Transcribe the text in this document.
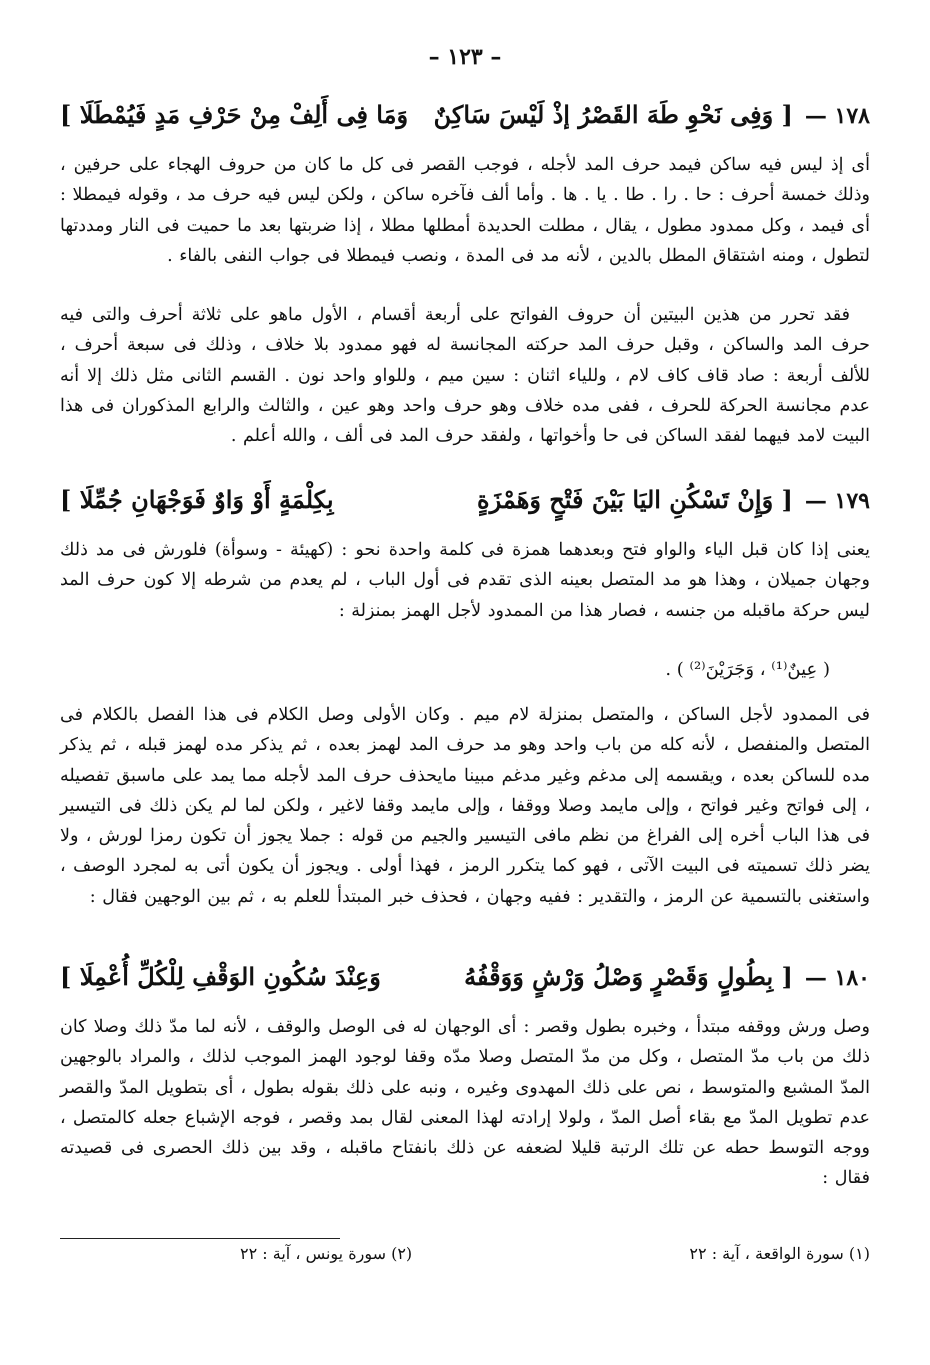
– ١٢٣ –
١٧٨ —
[ وَفِى نَحْوِ طَهَ القَصْرُ إذْ لَيْسَ سَاكِنٌ
وَمَا فِى أَلِفْ مِنْ حَرْفِ مَدٍ فَيُمْطَلَا ]
أى إذ ليس فيه ساكن فيمد حرف المد لأجله ، فوجب القصر فى كل ما كان من حروف الهجاء على حرفين ، وذلك خمسة أحرف : حا . را . طا . يا . ها . وأما ألف فآخره ساكن ، ولكن ليس فيه حرف مد ، وقوله فيمطلا : أى فيمد ، وكل ممدود مطول ، يقال ، مطلت الحديدة أمطلها مطلا ، إذا ضربتها بعد ما حميت فى النار ومددتها لتطول ، ومنه اشتقاق المطل بالدين ، لأنه مد فى المدة ، ونصب فيمطلا فى جواب النفى بالفاء .
فقد تحرر من هذين البيتين أن حروف الفواتح على أربعة أقسام ، الأول ماهو على ثلاثة أحرف والتى فيه حرف المد والساكن ، وقبل حرف المد حركته المجانسة له فهو ممدود بلا خلاف ، وذلك فى سبعة أحرف ، للألف أربعة : صاد قاف كاف لام ، وللياء اثنان : سين ميم ، وللواو واحد نون . القسم الثانى مثل ذلك إلا أنه عدم مجانسة الحركة للحرف ، ففى مده خلاف وهو حرف واحد وهو عين ، والثالث والرابع المذكوران فى هذا البيت لامد فيهما لفقد الساكن فى حا وأخواتها ، ولفقد حرف المد فى ألف ، والله أعلم .
١٧٩ —
[ وَإِنْ تَسْكُنِ اليَا بَيْنَ فَتْحٍ وَهَمْزَةٍ
بِكِلْمَةٍ أَوْ وَاوٌ فَوَجْهَانِ جُمِّلَا ]
يعنى إذا كان قبل الياء والواو فتح وبعدهما همزة فى كلمة واحدة نحو : (كهيئة - وسوأة) فلورش فى مد ذلك وجهان جميلان ، وهذا هو مد المتصل بعينه الذى تقدم فى أول الباب ، لم يعدم من شرطه إلا كون حرف المد ليس حركة ماقبله من جنسه ، فصار هذا من الممدود لأجل الهمز بمنزلة :
( عِينٌ⁽¹⁾ ، وَجَرَيْنَ⁽²⁾ ) .
فى الممدود لأجل الساكن ، والمتصل بمنزلة لام ميم . وكان الأولى وصل الكلام فى هذا الفصل بالكلام فى المتصل والمنفصل ، لأنه كله من باب واحد وهو مد حرف المد لهمز بعده ، ثم يذكر مده لهمز قبله ، ثم يذكر مده للساكن بعده ، ويقسمه إلى مدغم وغير مدغم مبينا مايحذف حرف المد لأجله مما يمد على ماسبق تفصيله ، إلى فواتح وغير فواتح ، وإلى مايمد وصلا ووقفا ، وإلى مايمد وقفا لاغير ، ولكن لما لم يكن ذلك فى التيسير فى هذا الباب أخره إلى الفراغ من نظم مافى التيسير والجيم من قوله : جملا يجوز أن تكون رمزا لورش ، ولا يضر ذلك تسميته فى البيت الآتى ، فهو كما يتكرر الرمز ، فهذا أولى . ويجوز أن يكون أتى به لمجرد الوصف ، واستغنى بالتسمية عن الرمز ، والتقدير : ففيه وجهان ، فحذف خبر المبتدأ للعلم به ، ثم بين الوجهين فقال :
١٨٠ —
[ بِطُولٍ وَقَصْرٍ وَصْلُ وَرْشٍ وَوَقْفُهُ
وَعِنْدَ سُكُونِ الوَقْفِ لِلْكُلِّ أُعْمِلَا ]
وصل ورش ووقفه مبتدأ ، وخبره بطول وقصر : أى الوجهان له فى الوصل والوقف ، لأنه لما مدّ ذلك وصلا كان ذلك من باب مدّ المتصل ، وكل من مدّ المتصل وصلا مدّه وقفا لوجود الهمز الموجب لذلك ، والمراد بالوجهين المدّ المشبع والمتوسط ، نص على ذلك المهدوى وغيره ، ونبه على ذلك بقوله بطول ، أى بتطويل المدّ والقصر عدم تطويل المدّ مع بقاء أصل المدّ ، ولولا إرادته لهذا المعنى لقال بمد وقصر ، فوجه الإشباع جعله كالمتصل ، ووجه التوسط حطه عن تلك الرتبة قليلا لضعفه عن ذلك بانفتاح ماقبله ، وقد بين ذلك الحصرى فى قصيدته فقال :
(١) سورة الواقعة ، آية : ٢٢
(٢) سورة يونس ، آية : ٢٢
